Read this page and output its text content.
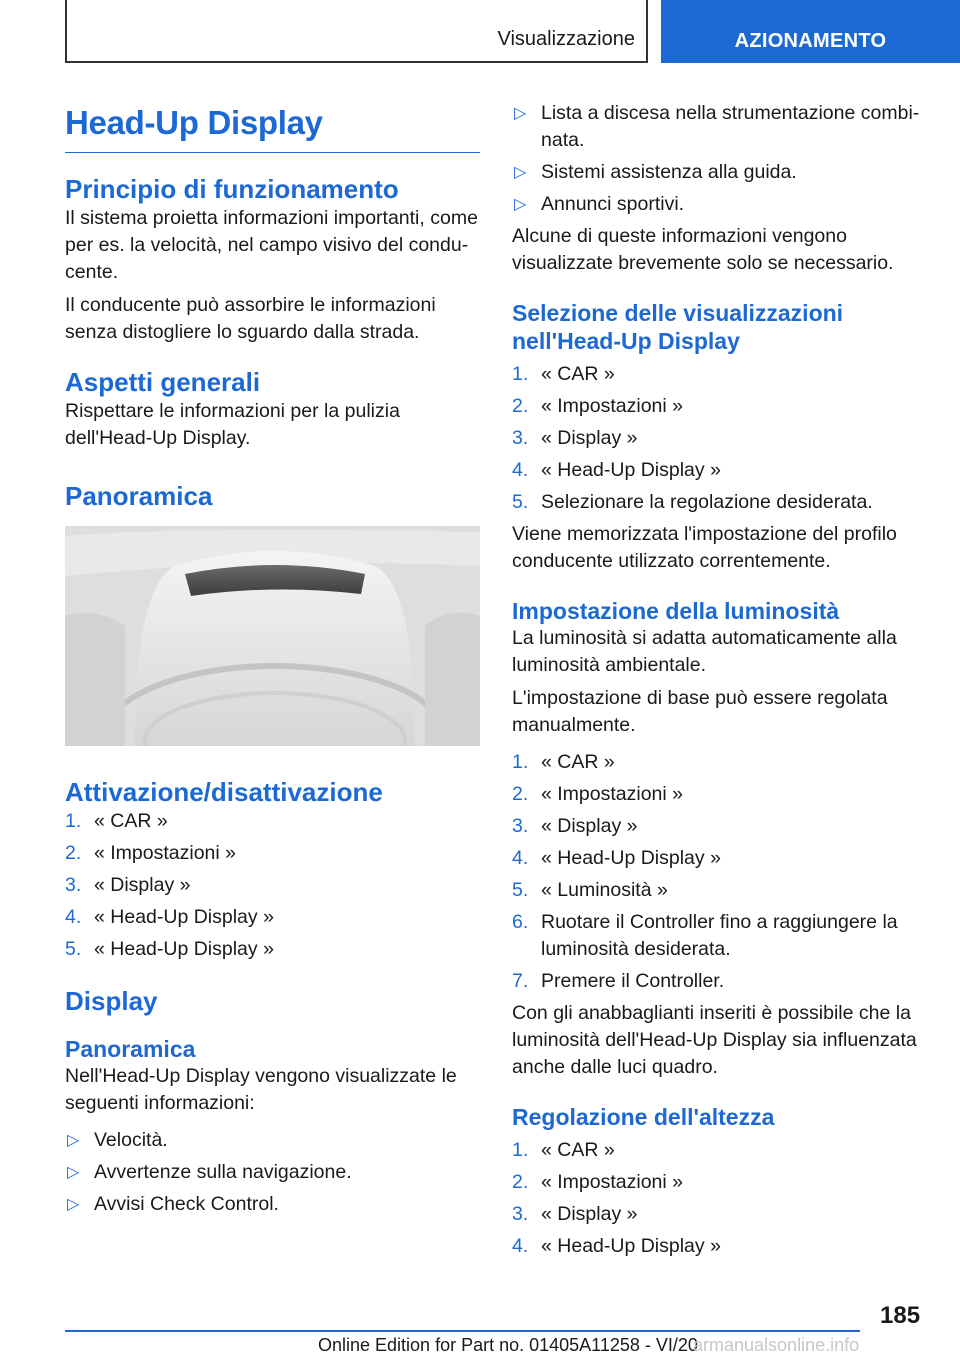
Visualizzazione	AZIONAMENTO
Head-Up Display
Principio di funzionamento

Il sistema proietta informazioni importanti, come per es. la velocità, nel campo visivo del conducente.

Il conducente può assorbire le informazioni senza distogliere lo sguardo dalla strada.

Aspetti generali

Rispettare le informazioni per la pulizia dell'Head-Up Display.

Panoramica
Attivazione/disattivazione
1. « CAR »
2. « Impostazioni »
3. « Display »
4. « Head-Up Display »
5. « Head-Up Display »
Display
Panoramica

Nell'Head-Up Display vengono visualizzate le seguenti informazioni:

▷ Velocità.
▷ Avvertenze sulla navigazione.
▷ Avvisi Check Control.
▷ Lista a discesa nella strumentazione combinata.
▷ Sistemi assistenza alla guida.
▷ Annunci sportivi.

Alcune di queste informazioni vengono visualizzate brevemente solo se necessario.

Selezione delle visualizzazioni nell'Head-Up Display
1. « CAR »
2. « Impostazioni »
3. « Display »
4. « Head-Up Display »
5. Selezionare la regolazione desiderata.

Viene memorizzata l'impostazione del profilo conducente utilizzato correntemente.

Impostazione della luminosità

La luminosità si adatta automaticamente alla luminosità ambientale.

L'impostazione di base può essere regolata manualmente.

1. « CAR »
2. « Impostazioni »
3. « Display »
4. « Head-Up Display »
5. « Luminosità »
6. Ruotare il Controller fino a raggiungere la luminosità desiderata.
7. Premere il Controller.

Con gli anabbaglianti inseriti è possibile che la luminosità dell'Head-Up Display sia influenzata anche dalle luci quadro.

Regolazione dell'altezza
1. « CAR »
2. « Impostazioni »
3. « Display »
4. « Head-Up Display »
185
Online Edition for Part no. 01405A11258 - VI/20
armanualsonline.info
